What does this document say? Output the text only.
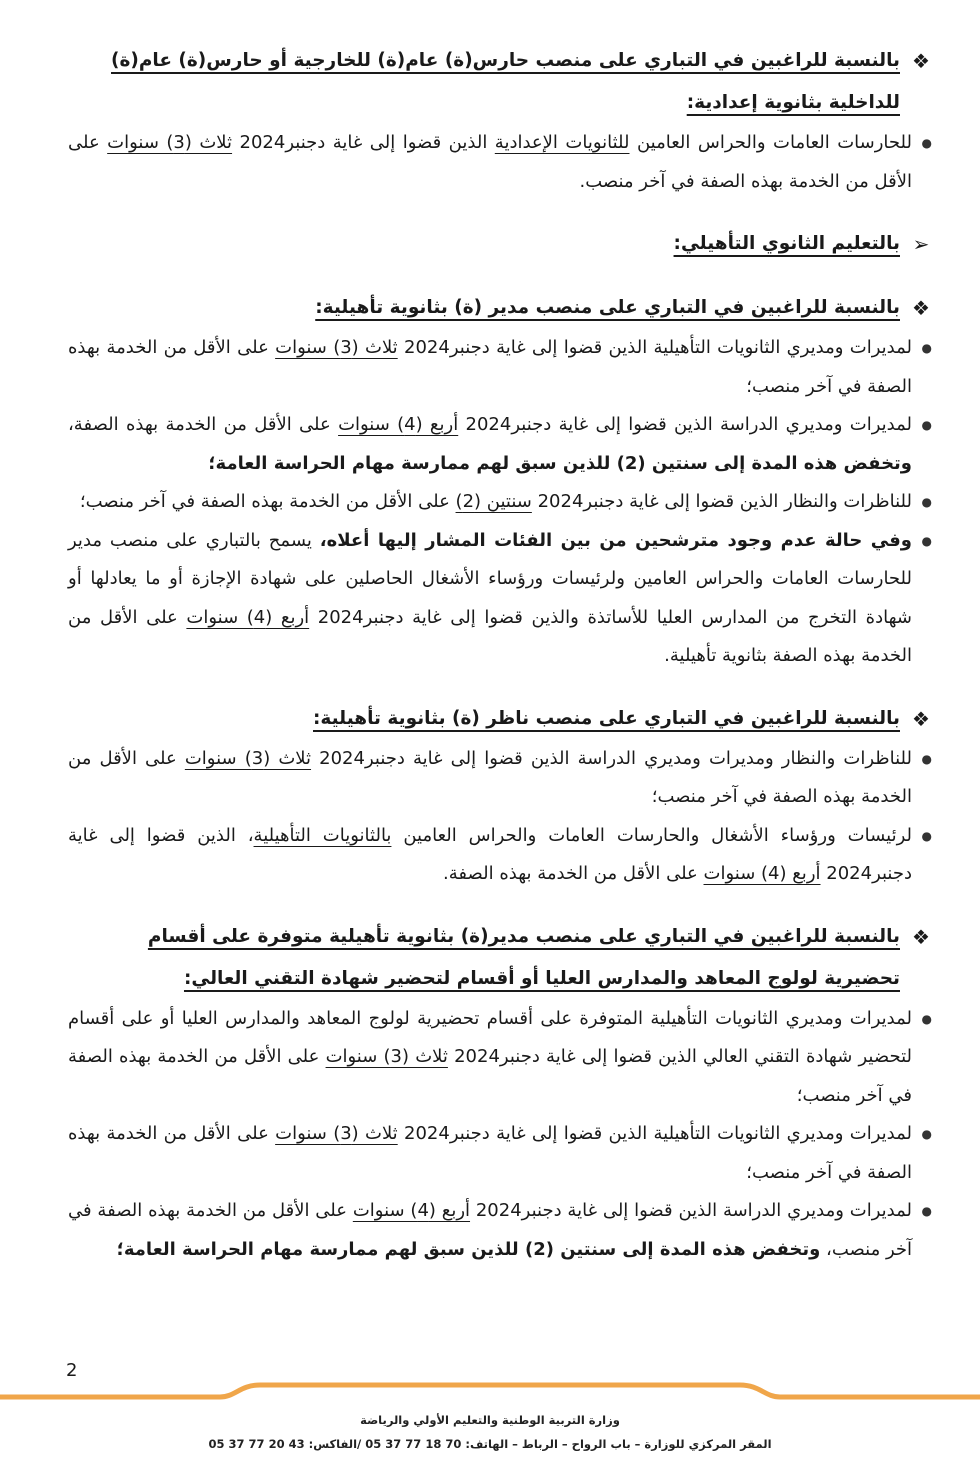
❖
بالنسبة للراغبين في التباري على منصب حارس(ة) عام(ة) للخارجية أو حارس(ة) عام(ة) للداخلية بثانوية إعدادية:

●
للحارسات العامات والحراس العامين للثانويات الإعدادية الذين قضوا إلى غاية دجنبر2024 ثلاث (3) سنوات على الأقل من الخدمة بهذه الصفة في آخر منصب.

➢
بالتعليم الثانوي التأهيلي:

❖
بالنسبة للراغبين في التباري على منصب مدير (ة) بثانوية تأهيلية:

●
لمديرات ومديري الثانويات التأهيلية الذين قضوا إلى غاية دجنبر2024 ثلاث (3) سنوات على الأقل من الخدمة بهذه الصفة في آخر منصب؛
●
لمديرات ومديري الدراسة الذين قضوا إلى غاية دجنبر2024 أربع (4) سنوات على الأقل من الخدمة بهذه الصفة، وتخفض هذه المدة إلى سنتين (2) للذين سبق لهم ممارسة مهام الحراسة العامة؛
●
للناظرات والنظار الذين قضوا إلى غاية دجنبر2024 سنتين (2) على الأقل من الخدمة بهذه الصفة في آخر منصب؛
●
وفي حالة عدم وجود مترشحين من بين الفئات المشار إليها أعلاه، يسمح بالتباري على منصب مدير للحارسات العامات والحراس العامين ولرئيسات ورؤساء الأشغال الحاصلين على شهادة الإجازة أو ما يعادلها أو شهادة التخرج من المدارس العليا للأساتذة والذين قضوا إلى غاية دجنبر2024 أربع (4) سنوات على الأقل من الخدمة بهذه الصفة بثانوية تأهيلية.

❖
بالنسبة للراغبين في التباري على منصب ناظر (ة) بثانوية تأهيلية:

●
للناظرات والنظار ومديرات ومديري الدراسة الذين قضوا إلى غاية دجنبر2024 ثلاث (3) سنوات على الأقل من الخدمة بهذه الصفة في آخر منصب؛
●
لرئيسات ورؤساء الأشغال والحارسات العامات والحراس العامين بالثانويات التأهيلية، الذين قضوا إلى غاية دجنبر2024 أربع (4) سنوات على الأقل من الخدمة بهذه الصفة.

❖
بالنسبة للراغبين في التباري على منصب مدير(ة) بثانوية تأهيلية متوفرة على أقسام تحضيرية لولوج المعاهد والمدارس العليا أو أقسام لتحضير شهادة التقني العالي:

●
لمديرات ومديري الثانويات التأهيلية المتوفرة على أقسام تحضيرية لولوج المعاهد والمدارس العليا أو على أقسام لتحضير شهادة التقني العالي الذين قضوا إلى غاية دجنبر2024 ثلاث (3) سنوات على الأقل من الخدمة بهذه الصفة في آخر منصب؛
●
لمديرات ومديري الثانويات التأهيلية الذين قضوا إلى غاية دجنبر2024 ثلاث (3) سنوات على الأقل من الخدمة بهذه الصفة في آخر منصب؛
●
لمديرات ومديري الدراسة الذين قضوا إلى غاية دجنبر2024 أربع (4) سنوات على الأقل من الخدمة بهذه الصفة في آخر منصب، وتخفض هذه المدة إلى سنتين (2) للذين سبق لهم ممارسة مهام الحراسة العامة؛
2
وزارة التربية الوطنية والتعليم الأولي والرياضة
المقر المركزي للوزارة – باب الرواح – الرباط – الهاتف: 70 18 77 37 05 /الفاكس: 43 20 77 37 05
